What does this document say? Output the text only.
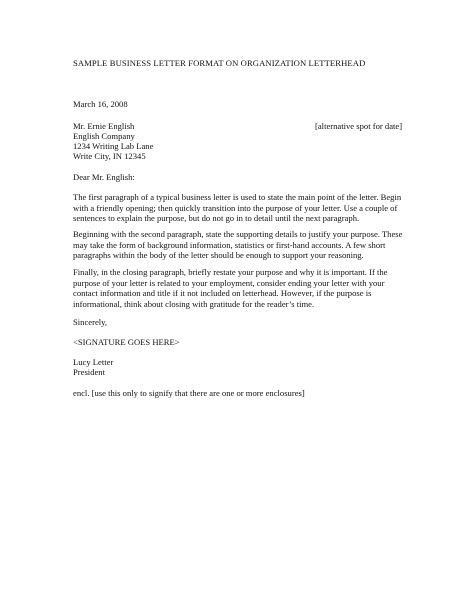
SAMPLE BUSINESS LETTER FORMAT ON ORGANIZATION LETTERHEAD
March 16, 2008
Mr. Ernie English	[alternative spot for date]
English Company
1234 Writing Lab Lane
Write City, IN 12345
Dear Mr. English:
The first paragraph of a typical business letter is used to state the main point of the letter. Begin
with a friendly opening; then quickly transition into the purpose of your letter. Use a couple of
sentences to explain the purpose, but do not go in to detail until the next paragraph.
Beginning with the second paragraph, state the supporting details to justify your purpose. These
may take the form of background information, statistics or first-hand accounts. A few short
paragraphs within the body of the letter should be enough to support your reasoning.
Finally, in the closing paragraph, briefly restate your purpose and why it is important. If the
purpose of your letter is related to your employment, consider ending your letter with your
contact information and title if it not included on letterhead. However, if the purpose is
informational, think about closing with gratitude for the reader’s time.
Sincerely,
<SIGNATURE GOES HERE>
Lucy Letter
President
encl. [use this only to signify that there are one or more enclosures]
